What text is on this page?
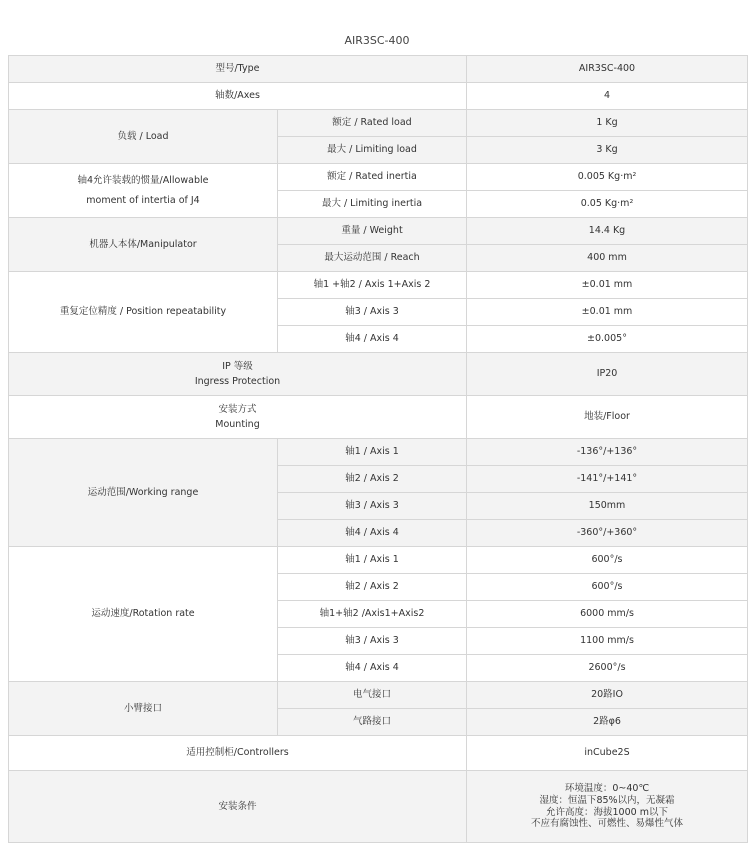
AIR3SC-400
型号/Type		AIR3SC-400
轴数/Axes		4
负载 / Load	额定 / Rated load	1 Kg
	最大 / Limiting load	3 Kg

轴4允许装载的惯量/Allowable
moment of intertia of J4	额定 / Rated inertia	0.005 Kg·m²
	最大 / Limiting inertia	0.05 Kg·m²
机器人本体/Manipulator	重量 / Weight	14.4 Kg
	最大运动范围 / Reach	400 mm
重复定位精度 / Position repeatability	轴1 +轴2 / Axis 1+Axis 2	±0.01 mm
	轴3 / Axis 3	±0.01 mm
	轴4 / Axis 4	±0.005°

IP 等级
Ingress Protection		IP20

安装方式
Mounting		地装/Floor
运动范围/Working range	轴1 / Axis 1	-136°/+136°
	轴2 / Axis 2	-141°/+141°
	轴3 / Axis 3	150mm
	轴4 / Axis 4	-360°/+360°
运动速度/Rotation rate	轴1 / Axis 1	600°/s
	轴2 / Axis 2	600°/s
	轴1+轴2 /Axis1+Axis2	6000 mm/s
	轴3 / Axis 3	1100 mm/s
	轴4 / Axis 4	2600°/s
小臂接口	电气接口	20路IO
	气路接口	2路φ6
适用控制柜/Controllers		inCube2S
安装条件		环境温度：0~40℃
湿度：恒温下85%以内，无凝霜
允许高度：海拔1000 m以下
不应有腐蚀性、可燃性、易爆性气体
